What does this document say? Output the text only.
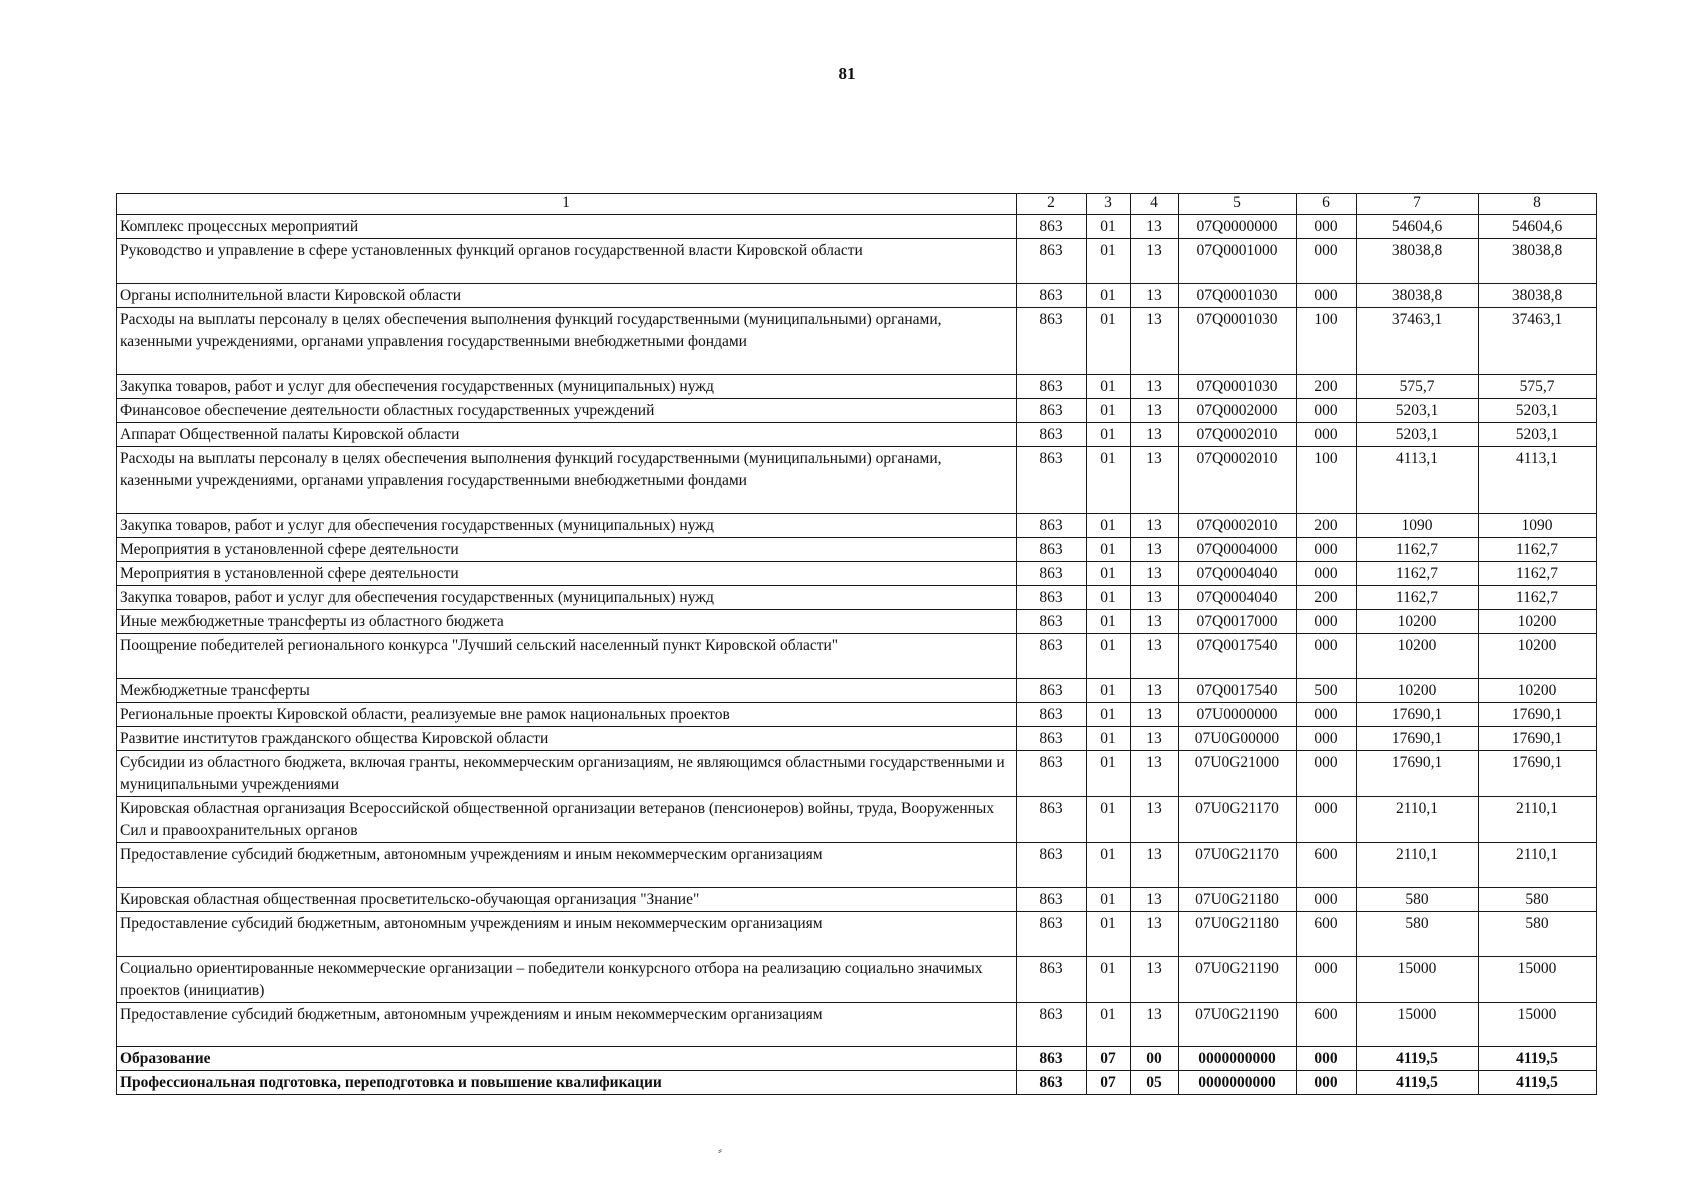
81
1	2	3	4	5	6	7	8
Комплекс процессных мероприятий	863	01	13	07Q0000000	000	54604,6	54604,6
Руководство и управление в сфере установленных функций органов государственной власти Кировской области	863	01	13	07Q0001000	000	38038,8	38038,8
Органы исполнительной власти Кировской области	863	01	13	07Q0001030	000	38038,8	38038,8
Расходы на выплаты персоналу в целях обеспечения выполнения функций государственными (муниципальными) органами, казенными учреждениями, органами управления государственными внебюджетными фондами	863	01	13	07Q0001030	100	37463,1	37463,1
Закупка товаров, работ и услуг для обеспечения государственных (муниципальных) нужд	863	01	13	07Q0001030	200	575,7	575,7
Финансовое обеспечение деятельности областных государственных учреждений	863	01	13	07Q0002000	000	5203,1	5203,1
Аппарат Общественной палаты Кировской области	863	01	13	07Q0002010	000	5203,1	5203,1
Расходы на выплаты персоналу в целях обеспечения выполнения функций государственными (муниципальными) органами, казенными учреждениями, органами управления государственными внебюджетными фондами	863	01	13	07Q0002010	100	4113,1	4113,1
Закупка товаров, работ и услуг для обеспечения государственных (муниципальных) нужд	863	01	13	07Q0002010	200	1090	1090
Мероприятия в установленной сфере деятельности	863	01	13	07Q0004000	000	1162,7	1162,7
Мероприятия в установленной сфере деятельности	863	01	13	07Q0004040	000	1162,7	1162,7
Закупка товаров, работ и услуг для обеспечения государственных (муниципальных) нужд	863	01	13	07Q0004040	200	1162,7	1162,7
Иные межбюджетные трансферты из областного бюджета	863	01	13	07Q0017000	000	10200	10200
Поощрение победителей регионального конкурса "Лучший сельский населенный пункт Кировской области"	863	01	13	07Q0017540	000	10200	10200
Межбюджетные трансферты	863	01	13	07Q0017540	500	10200	10200
Региональные проекты Кировской области, реализуемые вне рамок национальных проектов	863	01	13	07U0000000	000	17690,1	17690,1
Развитие институтов гражданского общества Кировской области	863	01	13	07U0G00000	000	17690,1	17690,1
Субсидии из областного бюджета, включая гранты, некоммерческим организациям, не являющимся областными государственными и муниципальными учреждениями	863	01	13	07U0G21000	000	17690,1	17690,1
Кировская областная организация Всероссийской общественной организации ветеранов (пенсионеров) войны, труда, Вооруженных Сил и правоохранительных органов	863	01	13	07U0G21170	000	2110,1	2110,1
Предоставление субсидий бюджетным, автономным учреждениям и иным некоммерческим организациям	863	01	13	07U0G21170	600	2110,1	2110,1
Кировская областная общественная просветительско-обучающая организация "Знание"	863	01	13	07U0G21180	000	580	580
Предоставление субсидий бюджетным, автономным учреждениям и иным некоммерческим организациям	863	01	13	07U0G21180	600	580	580
Социально ориентированные некоммерческие организации – победители конкурсного отбора на реализацию социально значимых проектов (инициатив)	863	01	13	07U0G21190	000	15000	15000
Предоставление субсидий бюджетным, автономным учреждениям и иным некоммерческим организациям	863	01	13	07U0G21190	600	15000	15000
Образование	863	07	00	0000000000	000	4119,5	4119,5
Профессиональная подготовка, переподготовка и повышение квалификации	863	07	05	0000000000	000	4119,5	4119,5
⸗
